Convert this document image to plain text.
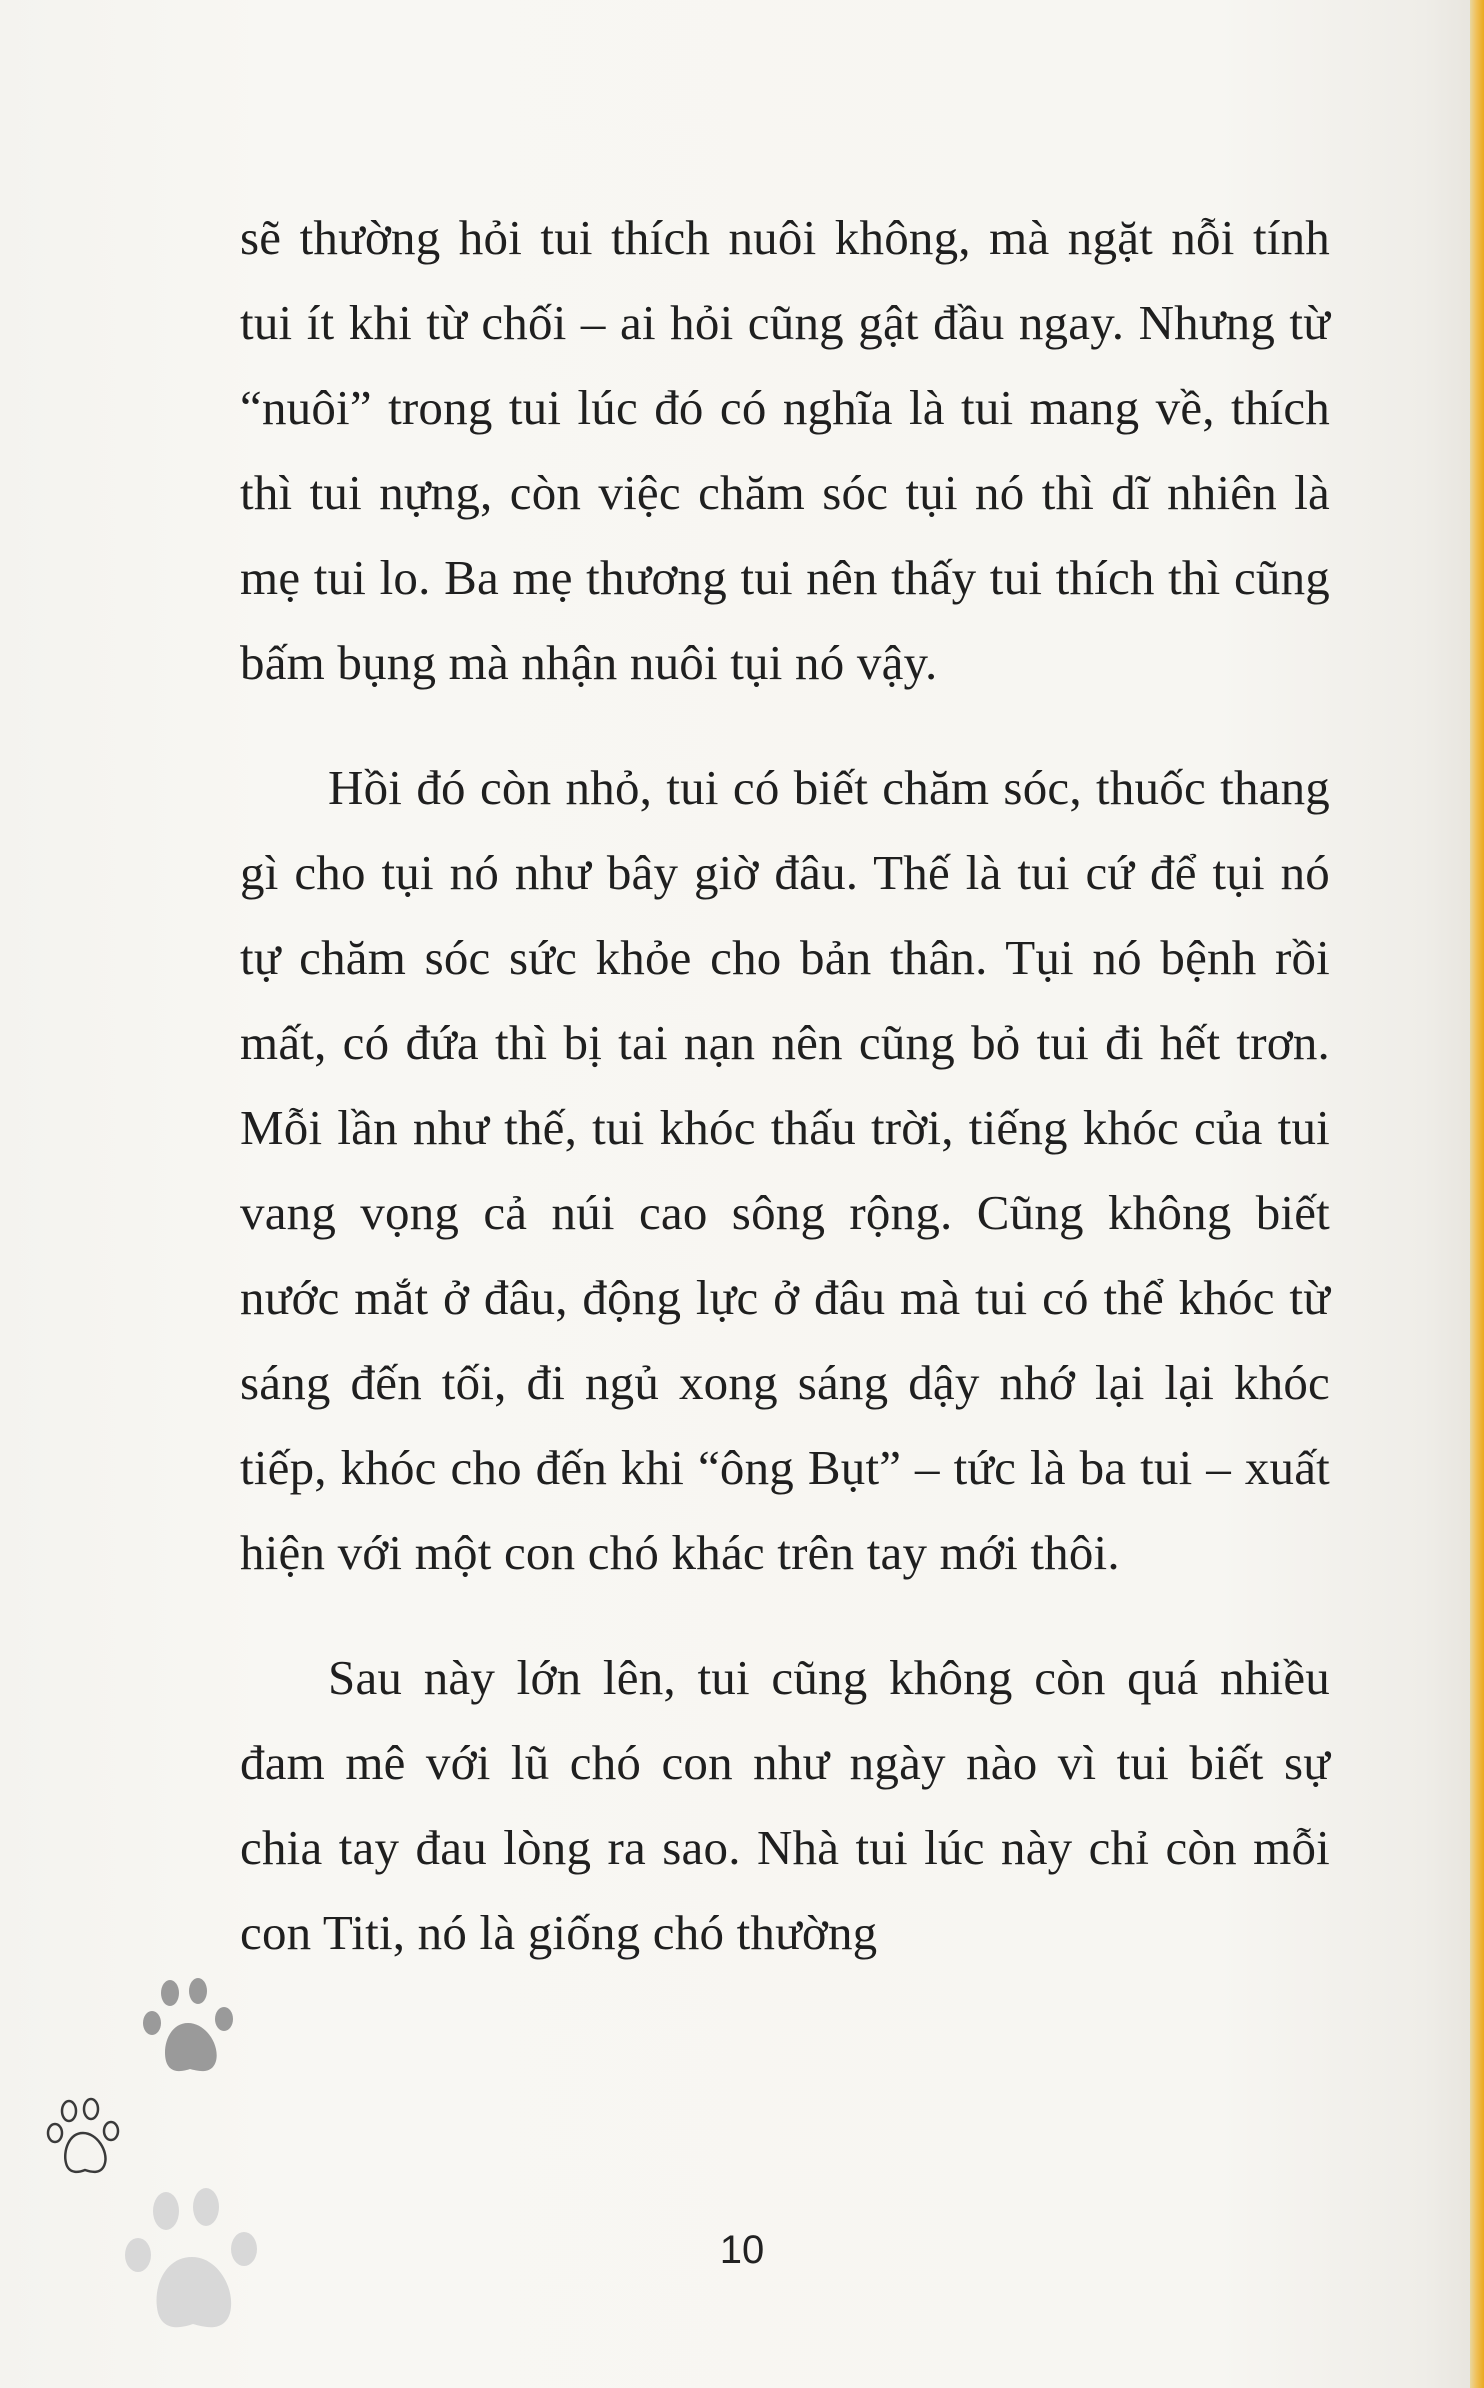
sẽ thường hỏi tui thích nuôi không, mà ngặt nỗi tính tui ít khi từ chối – ai hỏi cũng gật đầu ngay. Nhưng từ “nuôi” trong tui lúc đó có nghĩa là tui mang về, thích thì tui nựng, còn việc chăm sóc tụi nó thì dĩ nhiên là mẹ tui lo. Ba mẹ thương tui nên thấy tui thích thì cũng bấm bụng mà nhận nuôi tụi nó vậy.

Hồi đó còn nhỏ, tui có biết chăm sóc, thuốc thang gì cho tụi nó như bây giờ đâu. Thế là tui cứ để tụi nó tự chăm sóc sức khỏe cho bản thân. Tụi nó bệnh rồi mất, có đứa thì bị tai nạn nên cũng bỏ tui đi hết trơn. Mỗi lần như thế, tui khóc thấu trời, tiếng khóc của tui vang vọng cả núi cao sông rộng. Cũng không biết nước mắt ở đâu, động lực ở đâu mà tui có thể khóc từ sáng đến tối, đi ngủ xong sáng dậy nhớ lại lại khóc tiếp, khóc cho đến khi “ông Bụt” – tức là ba tui – xuất hiện với một con chó khác trên tay mới thôi.

Sau này lớn lên, tui cũng không còn quá nhiều đam mê với lũ chó con như ngày nào vì tui biết sự chia tay đau lòng ra sao. Nhà tui lúc này chỉ còn mỗi con Titi, nó là giống chó thường

10
